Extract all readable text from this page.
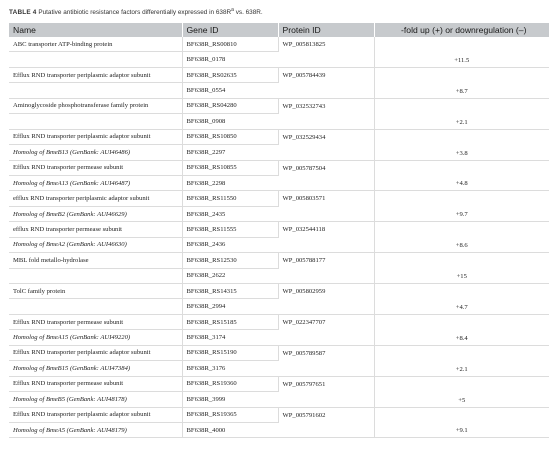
TABLE 4 Putative antibiotic resistance factors differentially expressed in $638R^a$ vs. 638R.
Name	Gene ID	Protein ID	-fold up (+) or downregulation (–)
ABC transporter ATP-binding protein	BF638R_RS00810	WP_005813825	+11.5
	BF638R_0178		
Efflux RND transporter periplasmic adaptor subunit	BF638R_RS02635	WP_005784439	+8.7
	BF638R_0554		
Aminoglycoside phosphotransferase family protein	BF638R_RS04280	WP_032532743	+2.1
	BF638R_0908		
Efflux RND transporter periplasmic adaptor subunit	BF638R_RS10850	WP_032529434	+3.8
Homolog of BmeB13 (GenBank: AUI46486)	BF638R_2297		
Efflux RND transporter permease subunit	BF638R_RS10855	WP_005787504	+4.8
Homolog of BmeA13 (GenBank: AUI46487)	BF638R_2298		
efflux RND transporter periplasmic adaptor subunit	BF638R_RS11550	WP_005803571	+9.7
Homolog of BmeB2 (GenBank: AUI46629)	BF638R_2435		
efflux RND transporter permease subunit	BF638R_RS11555	WP_032544118	+8.6
Homolog of BmeA2 (GenBank: AUI46630)	BF638R_2436		
MBL fold metallo-hydrolase	BF638R_RS12530	WP_005788177	+15
	BF638R_2622		
TolC family protein	BF638R_RS14315	WP_005802959	+4.7
	BF638R_2994		
Efflux RND transporter permease subunit	BF638R_RS15185	WP_022347707	+8.4
Homolog of BmeA15 (GenBank: AUI49220)	BF638R_3174		
Efflux RND transporter periplasmic adaptor subunit	BF638R_RS15190	WP_005789587	+2.1
Homolog of BmeB15 (GenBank: AUI47384)	BF638R_3176		
Efflux RND transporter permease subunit	BF638R_RS19360	WP_005797651	+5
Homolog of BmeB5 (GenBank: AUI48178)	BF638R_3999		
Efflux RND transporter periplasmic adaptor subunit	BF638R_RS19365	WP_005791602	+9.1
Homolog of BmeA5 (GenBank: AUI48179)	BF638R_4000		
